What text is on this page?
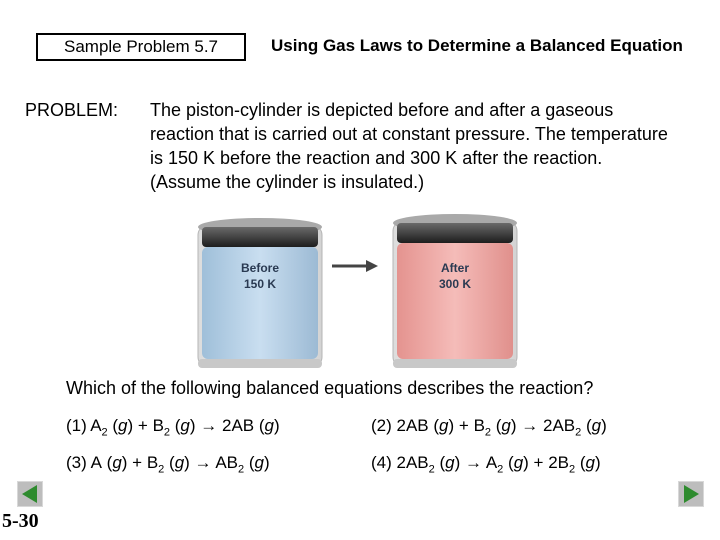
Sample Problem 5.7	Using Gas Laws to Determine a Balanced Equation
PROBLEM: The piston-cylinder is depicted before and after a gaseous reaction that is carried out at constant pressure. The temperature is 150 K before the reaction and 300 K after the reaction. (Assume the cylinder is insulated.)
Before
150 K
After
300 K
Which of the following balanced equations describes the reaction?
(1)  $A_2$ $(g) + B_2$ (g) → 2AB (g)	(2) 2AB $(g) + B_2$ $(g) \to 2AB_2$ (g)
(3) A $(g) + B_2$ $(g) \to AB_2$ (g)	(4) $2AB_2$ $(g) \to A_2$ $(g) + 2B_2$ (g)
5-30
